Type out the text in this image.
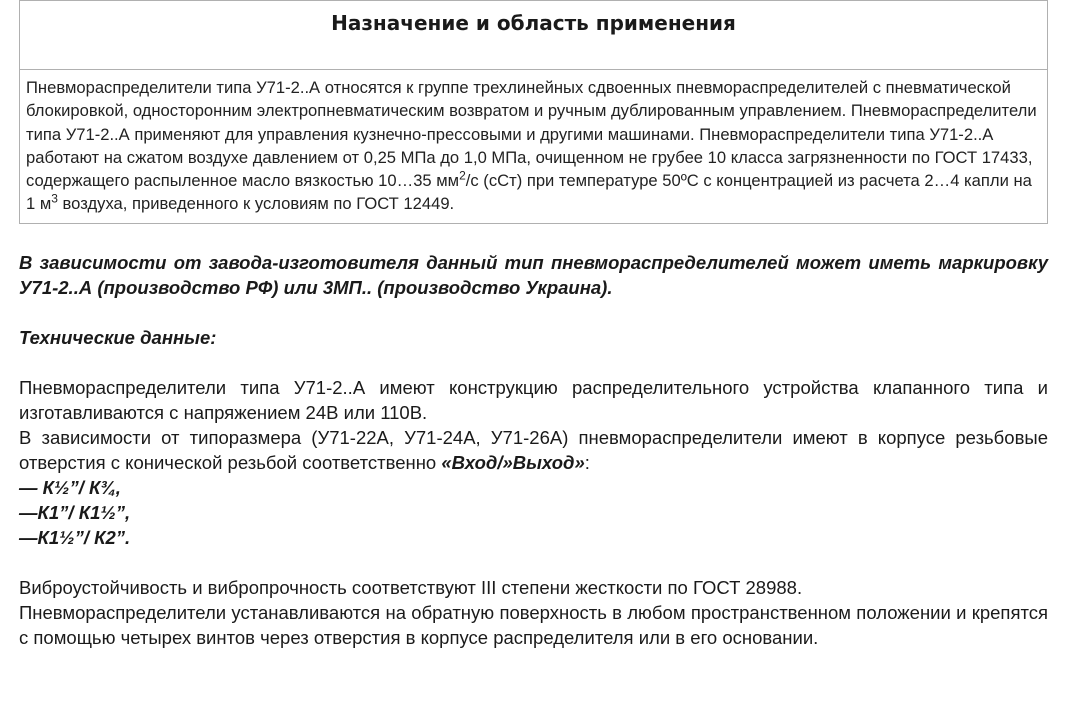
Назначение и область применения
Пневмораспределители типа У71-2..А относятся к группе трехлинейных сдвоенных пневмораспределителей с пневматической блокировкой, односторонним электропневматическим возвратом и ручным дублированным управлением. Пневмораспределители типа У71-2..А применяют для управления кузнечно-прессовыми и другими машинами. Пневмораспределители типа У71-2..А работают на сжатом воздухе давлением от 0,25 МПа до 1,0 МПа, очищенном не грубее 10 класса загрязненности по ГОСТ 17433, содержащего распыленное масло вязкостью 10…35 $мм^2/с$ (сСт) при температуре 50ºС с концентрацией из расчета 2…4 капли на 1 $м^3$ воздуха, приведенного к условиям по ГОСТ 12449.

В зависимости от завода-изготовителя данный тип пневмораспределителей может иметь маркировку У71-2..А (производство РФ) или 3МП.. (производство Украина).

Технические данные:

Пневмораспределители типа У71-2..А имеют конструкцию распределительного устройства клапанного типа и изготавливаются с напряжением 24В или 110В.

В зависимости от типоразмера (У71-22А, У71-24А, У71-26А) пневмораспределители имеют в корпусе резьбовые отверстия с конической резьбой соответственно «Вход/»Выход»:

— К½”/ К¾,
—К1”/ К1½”,
—К1½”/ К2”.

Виброустойчивость и вибропрочность соответствуют III степени жесткости по ГОСТ 28988.

Пневмораспределители устанавливаются на обратную поверхность в любом пространственном положении и крепятся с помощью четырех винтов через отверстия в корпусе распределителя или в его основании.
